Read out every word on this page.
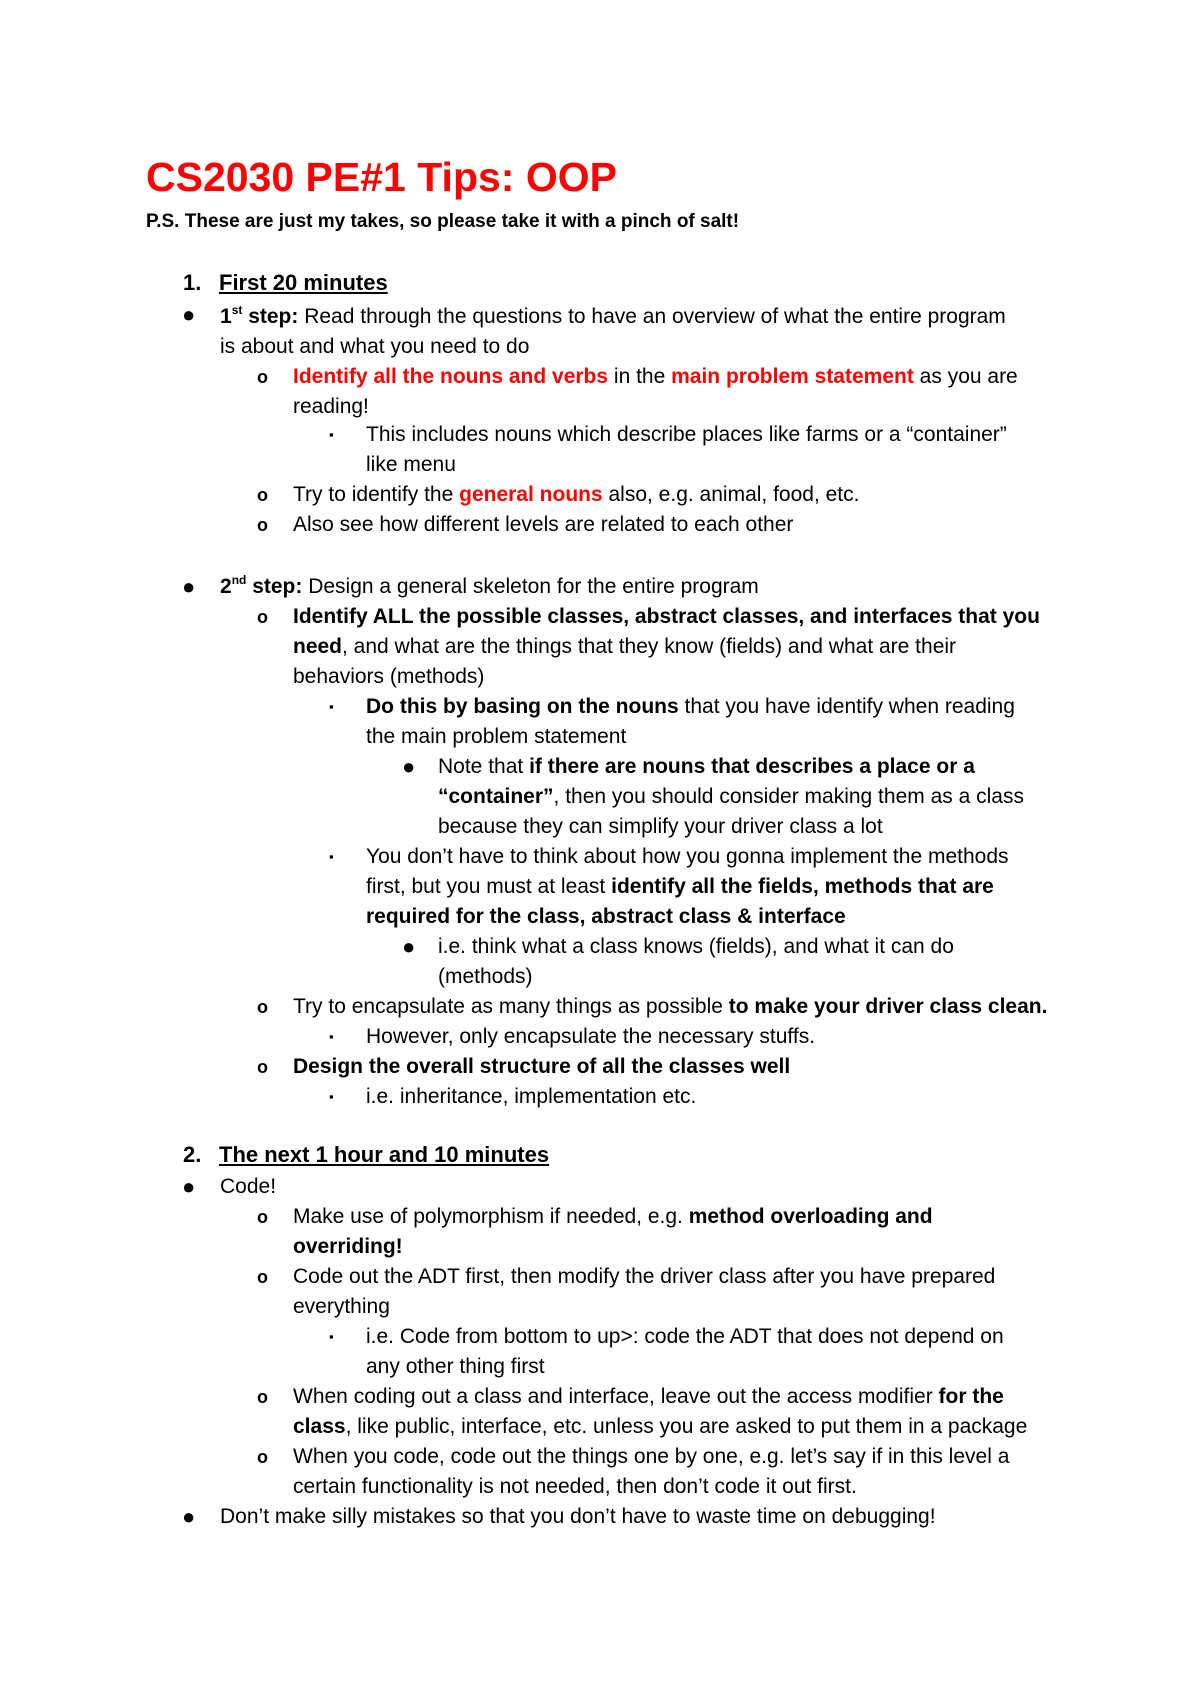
CS2030 PE#1 Tips: OOP
P.S. These are just my takes, so please take it with a pinch of salt!
1. First 20 minutes
● 1st step: Read through the questions to have an overview of what the entire program
is about and what you need to do
o Identify all the nouns and verbs in the main problem statement as you are
reading!
▪ This includes nouns which describe places like farms or a “container”
like menu
o Try to identify the general nouns also, e.g. animal, food, etc.
o Also see how different levels are related to each other
● 2nd step: Design a general skeleton for the entire program
o Identify ALL the possible classes, abstract classes, and interfaces that you
need, and what are the things that they know (fields) and what are their
behaviors (methods)
▪ Do this by basing on the nouns that you have identify when reading
the main problem statement
● Note that if there are nouns that describes a place or a
“container”, then you should consider making them as a class
because they can simplify your driver class a lot
▪ You don’t have to think about how you gonna implement the methods
first, but you must at least identify all the fields, methods that are
required for the class, abstract class & interface
● i.e. think what a class knows (fields), and what it can do
(methods)
o Try to encapsulate as many things as possible to make your driver class clean.
▪ However, only encapsulate the necessary stuffs.
o Design the overall structure of all the classes well
▪ i.e. inheritance, implementation etc.
2. The next 1 hour and 10 minutes
● Code!
o Make use of polymorphism if needed, e.g. method overloading and
overriding!
o Code out the ADT first, then modify the driver class after you have prepared
everything
▪ i.e. Code from bottom to up>: code the ADT that does not depend on
any other thing first
o When coding out a class and interface, leave out the access modifier for the
class, like public, interface, etc. unless you are asked to put them in a package
o When you code, code out the things one by one, e.g. let’s say if in this level a
certain functionality is not needed, then don’t code it out first.
● Don’t make silly mistakes so that you don’t have to waste time on debugging!
